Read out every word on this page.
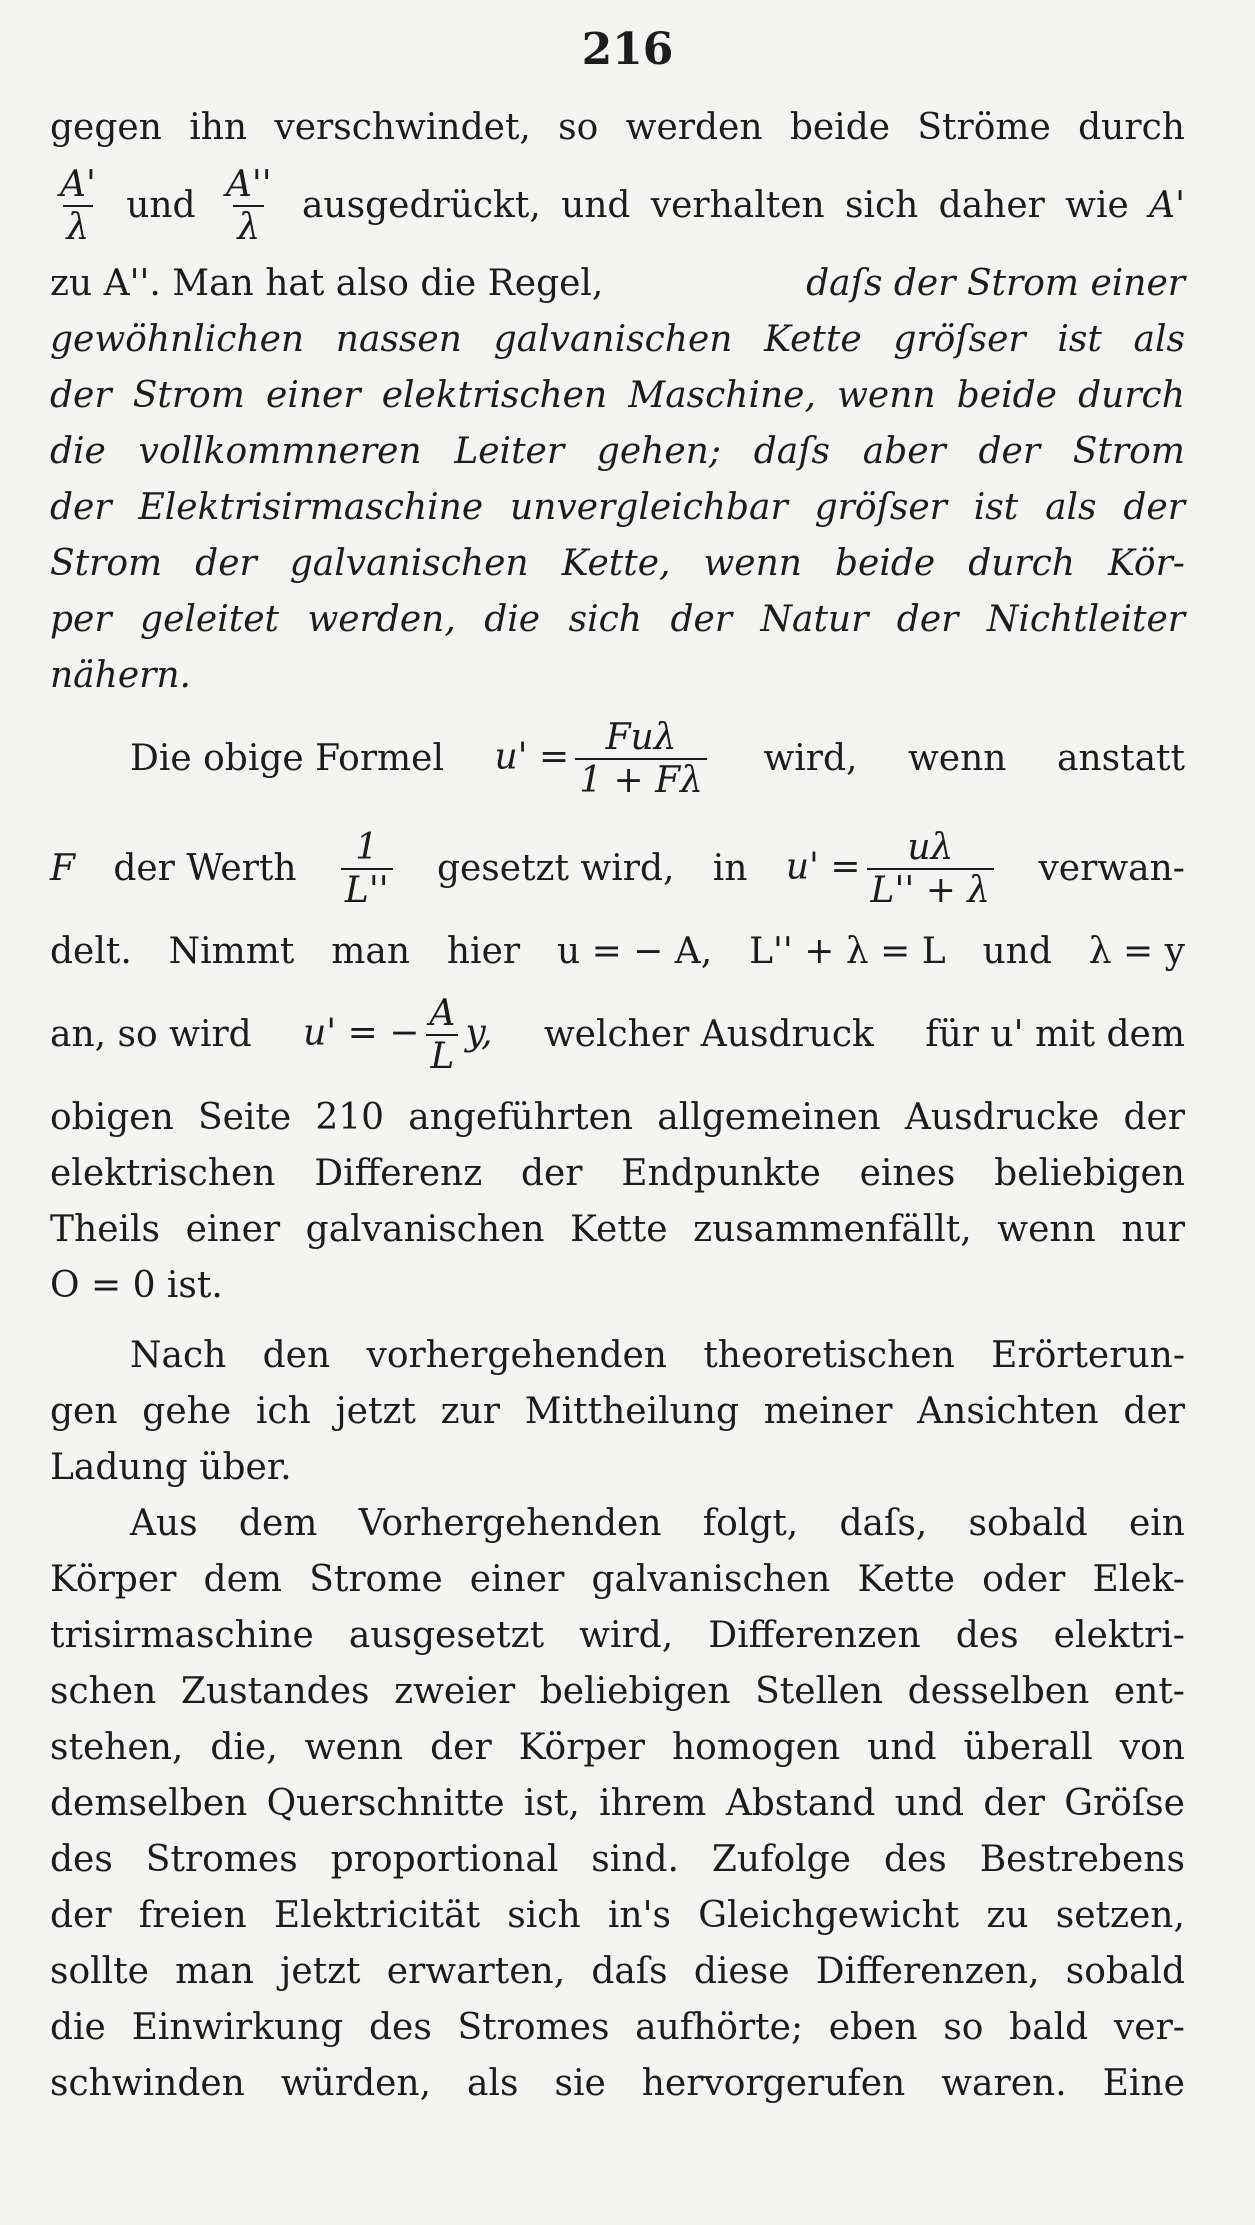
216
gegen ihn verschwindet, so werden beide Ströme durch
$\frac{A'}{\lambda}$ und $\frac{A''}{\lambda}$ ausgedrückt, und verhalten sich daher wie A'
zu A''. Man hat also die Regel,	daſs der Strom einer
gewöhnlichen nassen galvanischen Kette gröſser ist als
der Strom einer elektrischen Maschine, wenn beide durch
die vollkommneren Leiter gehen; daſs aber der Strom
der Elektrisirmaschine unvergleichbar gröſser ist als der
Strom der galvanischen Kette, wenn beide durch Kör-
per geleitet werden, die sich der Natur der Nichtleiter
nähern.
Die obige Formel $u' = \frac{\text{Fuλ}}{1 + F\lambda}$ wird, wenn anstatt
F der Werth $\frac{1}{L''}$ gesetzt wird, in $u' = \frac{u\lambda}{L'' + \lambda}$ verwan-
delt. Nimmt man hier u = − A, L'' + λ = L und λ = y
an, so wird u' = − $\frac{A}{L} y$, welcher Ausdruck für u' mit dem
obigen Seite 210 angeführten allgemeinen Ausdrucke der
elektrischen Differenz der Endpunkte eines beliebigen
Theils einer galvanischen Kette zusammenfällt, wenn nur
O = 0 ist.
Nach den vorhergehenden theoretischen Erörterun-
gen gehe ich jetzt zur Mittheilung meiner Ansichten der
Ladung über.
Aus dem Vorhergehenden folgt, daſs, sobald ein
Körper dem Strome einer galvanischen Kette oder Elek-
trisirmaschine ausgesetzt wird, Differenzen des elektri-
schen Zustandes zweier beliebigen Stellen desselben ent-
stehen, die, wenn der Körper homogen und überall von
demselben Querschnitte ist, ihrem Abstand und der Gröſse
des Stromes proportional sind. Zufolge des Bestrebens
der freien Elektricität sich in's Gleichgewicht zu setzen,
sollte man jetzt erwarten, daſs diese Differenzen, sobald
die Einwirkung des Stromes aufhörte; eben so bald ver-
schwinden würden, als sie hervorgerufen waren. Eine
